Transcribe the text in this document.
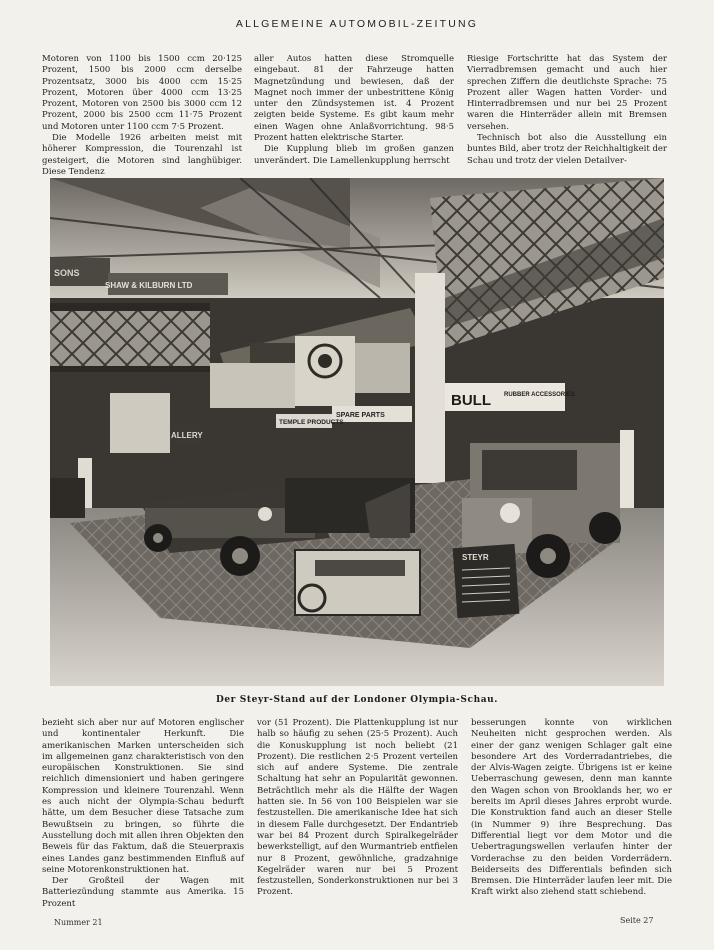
ALLGEMEINE AUTOMOBIL-ZEITUNG

Motoren von 1100 bis 1500 ccm 20·125 Prozent, 1500 bis 2000 ccm derselbe Prozentsatz, 3000 bis 4000 ccm 15·25 Prozent, Motoren über 4000 ccm 13·25 Prozent, Motoren von 2500 bis 3000 ccm 12 Prozent, 2000 bis 2500 ccm 11·75 Prozent und Motoren unter 1100 ccm 7·5 Prozent.

Die Modelle 1926 arbeiten meist mit höherer Kompression, die Tourenzahl ist gesteigert, die Motoren sind langhübiger. Diese Tendenz

aller Autos hatten diese Stromquelle eingebaut. 81 der Fahrzeuge hatten Magnetzündung und bewiesen, daß der Magnet noch immer der unbestrittene König unter den Zündsystemen ist. 4 Prozent zeigten beide Systeme. Es gibt kaum mehr einen Wagen ohne Anlaßvorrichtung. 98·5 Prozent hatten elektrische Starter.

Die Kupplung blieb im großen ganzen unverändert. Die Lamellenkupplung herrscht

Riesige Fortschritte hat das System der Vierradbremsen gemacht und auch hier sprechen Ziffern die deutlichste Sprache: 75 Prozent aller Wagen hatten Vorder- und Hinterradbremsen und nur bei 25 Prozent waren die Hinterräder allein mit Bremsen versehen.

Technisch bot also die Ausstellung ein buntes Bild, aber trotz der Reichhaltigkeit der Schau und trotz der vielen Detailver-

SONS
SHAW & KILBURN LTD
BULL RUBBER ACCESSORIES
SPARE PARTS
TEMPLE PRODUCTS
ALLERY
STEYR
Der Steyr-Stand auf der Londoner Olympia-Schau.

bezieht sich aber nur auf Motoren englischer und kontinentaler Herkunft. Die amerikanischen Marken unterscheiden sich im allgemeinen ganz charakteristisch von den europäischen Konstruktionen. Sie sind reichlich dimensioniert und haben geringere Kompression und kleinere Tourenzahl. Wenn es auch nicht der Olympia-Schau bedurft hätte, um dem Besucher diese Tatsache zum Bewußtsein zu bringen, so führte die Ausstellung doch mit allen ihren Objekten den Beweis für das Faktum, daß die Steuerpraxis eines Landes ganz bestimmenden Einfluß auf seine Motorenkonstruktionen hat.

Der Großteil der Wagen mit Batteriezündung stammte aus Amerika. 15 Prozent

vor (51 Prozent). Die Plattenkupplung ist nur halb so häufig zu sehen (25·5 Prozent). Auch die Konuskupplung ist noch beliebt (21 Prozent). Die restlichen 2·5 Prozent verteilen sich auf andere Systeme. Die zentrale Schaltung hat sehr an Popularität gewonnen. Beträchtlich mehr als die Hälfte der Wagen hatten sie. In 56 von 100 Beispielen war sie festzustellen. Die amerikanische Idee hat sich in diesem Falle durchgesetzt. Der Endantrieb war bei 84 Prozent durch Spiralkegelräder bewerkstelligt, auf den Wurmantrieb entfielen nur 8 Prozent, gewöhnliche, gradzahnige Kegelräder waren nur bei 5 Prozent festzustellen, Sonderkonstruktionen nur bei 3 Prozent.

besserungen konnte von wirklichen Neuheiten nicht gesprochen werden. Als einer der ganz wenigen Schlager galt eine besondere Art des Vorderradantriebes, die der Alvis-Wagen zeigte. Übrigens ist er keine Ueberraschung gewesen, denn man kannte den Wagen schon von Brooklands her, wo er bereits im April dieses Jahres erprobt wurde. Die Konstruktion fand auch an dieser Stelle (in Nummer 9) ihre Besprechung. Das Differential liegt vor dem Motor und die Uebertragungswellen verlaufen hinter der Vorderachse zu den beiden Vorderrädern. Beiderseits des Differentials befinden sich Bremsen. Die Hinterräder laufen leer mit. Die Kraft wirkt also ziehend statt schiebend.

Nummer 21	Seite 27
